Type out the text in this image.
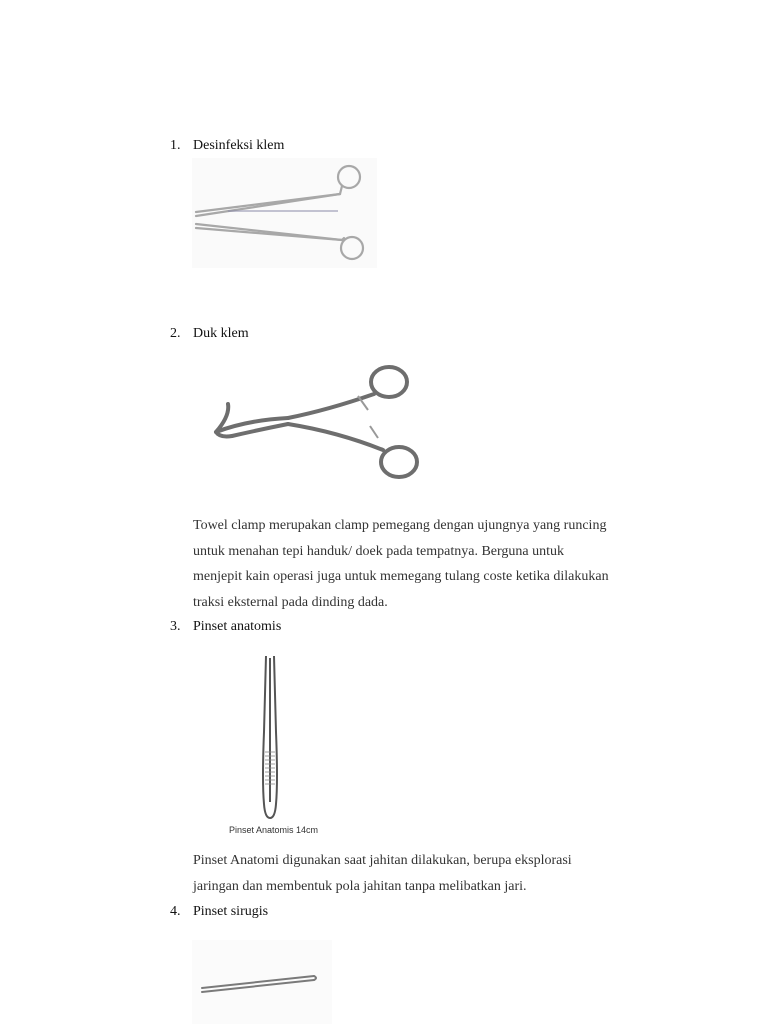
1. Desinfeksi klem
2. Duk klem
Towel clamp merupakan clamp pemegang dengan ujungnya yang runcing
untuk menahan tepi handuk/ doek pada tempatnya. Berguna untuk
menjepit kain operasi juga untuk memegang tulang coste ketika dilakukan
traksi eksternal pada dinding dada.
3. Pinset anatomis
Pinset Anatomis 14cm
Pinset Anatomi digunakan saat jahitan dilakukan, berupa eksplorasi
jaringan dan membentuk pola jahitan tanpa melibatkan jari.
4. Pinset sirugis
